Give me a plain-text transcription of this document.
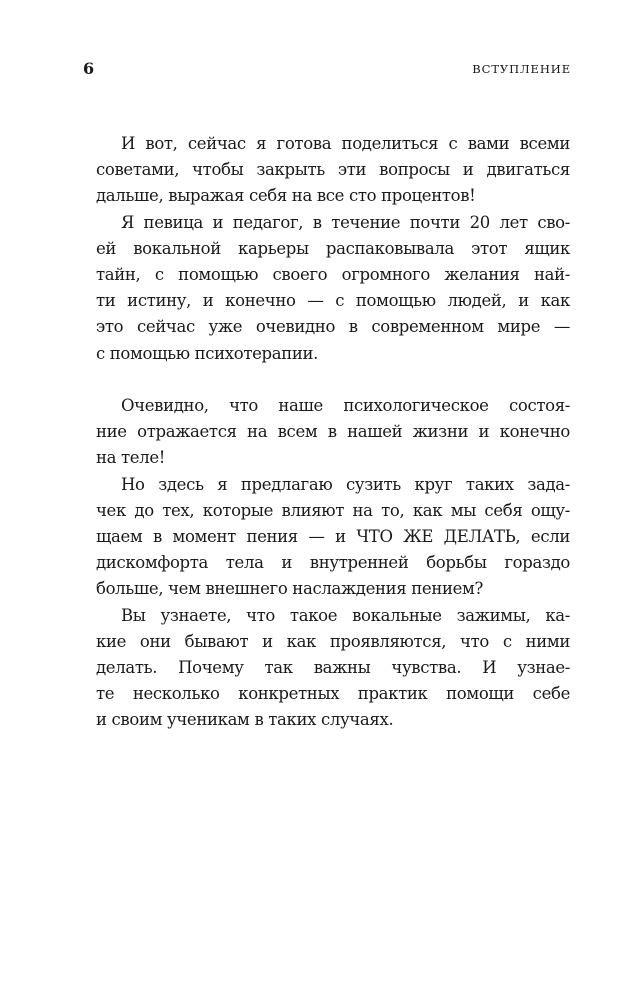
6	ВСТУПЛЕНИЕ
И вот, сейчас я готова поделиться с вами всеми
советами, чтобы закрыть эти вопросы и двигаться
дальше, выражая себя на все сто процентов!
Я певица и педагог, в течение почти 20 лет сво-
ей вокальной карьеры распаковывала этот ящик
тайн, с помощью своего огромного желания най-
ти истину, и конечно — с помощью людей, и как
это сейчас уже очевидно в современном мире —
с помощью психотерапии.
Очевидно, что наше психологическое состоя-
ние отражается на всем в нашей жизни и конечно
на теле!
Но здесь я предлагаю сузить круг таких зада-
чек до тех, которые влияют на то, как мы себя ощу-
щаем в момент пения — и ЧТО ЖЕ ДЕЛАТЬ, если
дискомфорта тела и внутренней борьбы гораздо
больше, чем внешнего наслаждения пением?
Вы узнаете, что такое вокальные зажимы, ка-
кие они бывают и как проявляются, что с ними
делать. Почему так важны чувства. И узнае-
те несколько конкретных практик помощи себе
и своим ученикам в таких случаях.
